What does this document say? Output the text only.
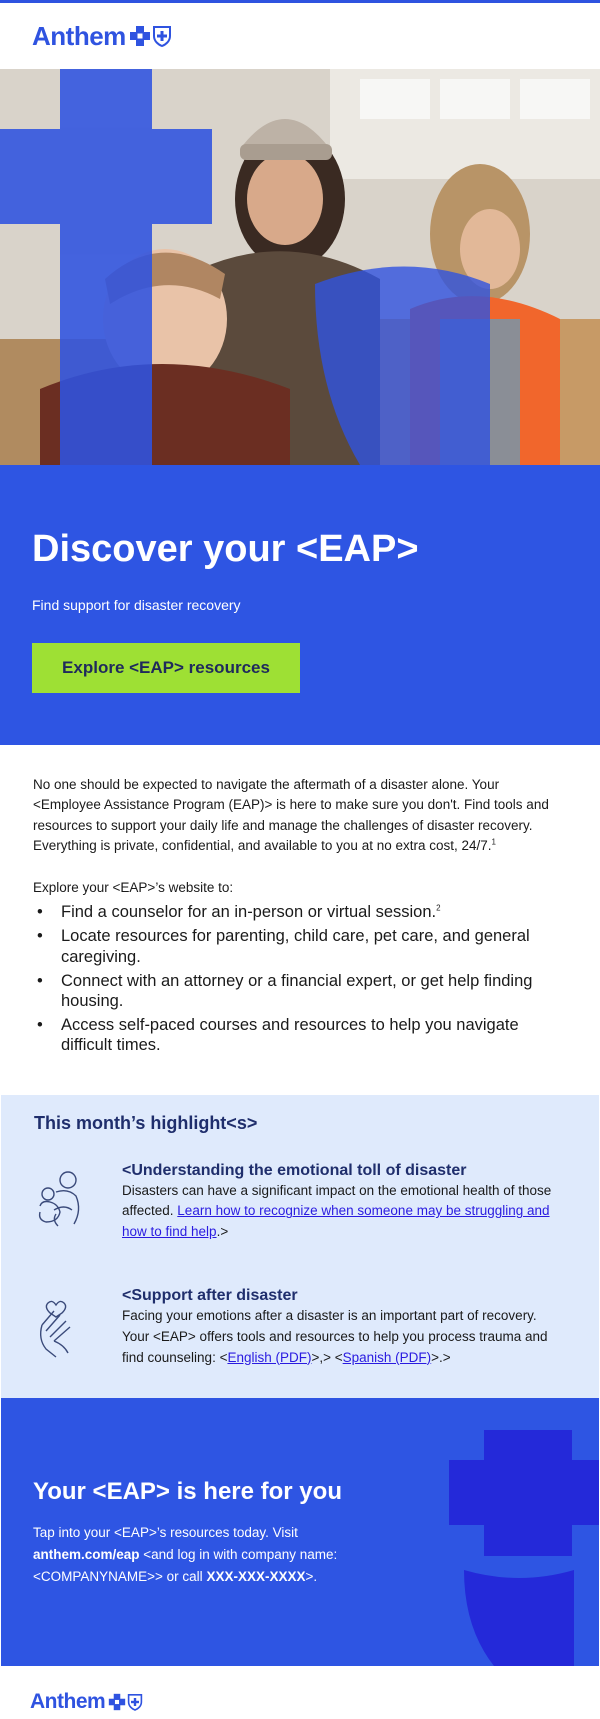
Anthem
Discover your <EAP>
Find support for disaster recovery
Explore <EAP> resources

No one should be expected to navigate the aftermath of a disaster alone. Your <Employee Assistance Program (EAP)> is here to make sure you don't. Find tools and resources to support your daily life and manage the challenges of disaster recovery. Everything is private, confidential, and available to you at no extra cost, 24/7.$^1$

Explore your <EAP>’s website to:
• Find a counselor for an in-person or virtual session.$^2$
• Locate resources for parenting, child care, pet care, and general caregiving.
• Connect with an attorney or a financial expert, or get help finding housing.
• Access self-paced courses and resources to help you navigate difficult times.
This month’s highlight<s>
<Understanding the emotional toll of disaster

Disasters can have a significant impact on the emotional health of those affected. Learn how to recognize when someone may be struggling and how to find help.>

<Support after disaster

Facing your emotions after a disaster is an important part of recovery. Your <EAP> offers tools and resources to help you process trauma and find counseling: <English (PDF)>,> <Spanish (PDF)>.>

Your <EAP> is here for you
Tap into your <EAP>’s resources today. Visit anthem.com/eap <and log in with company name: <COMPANYNAME>> or call XXX-XXX-XXXX>.
Anthem
